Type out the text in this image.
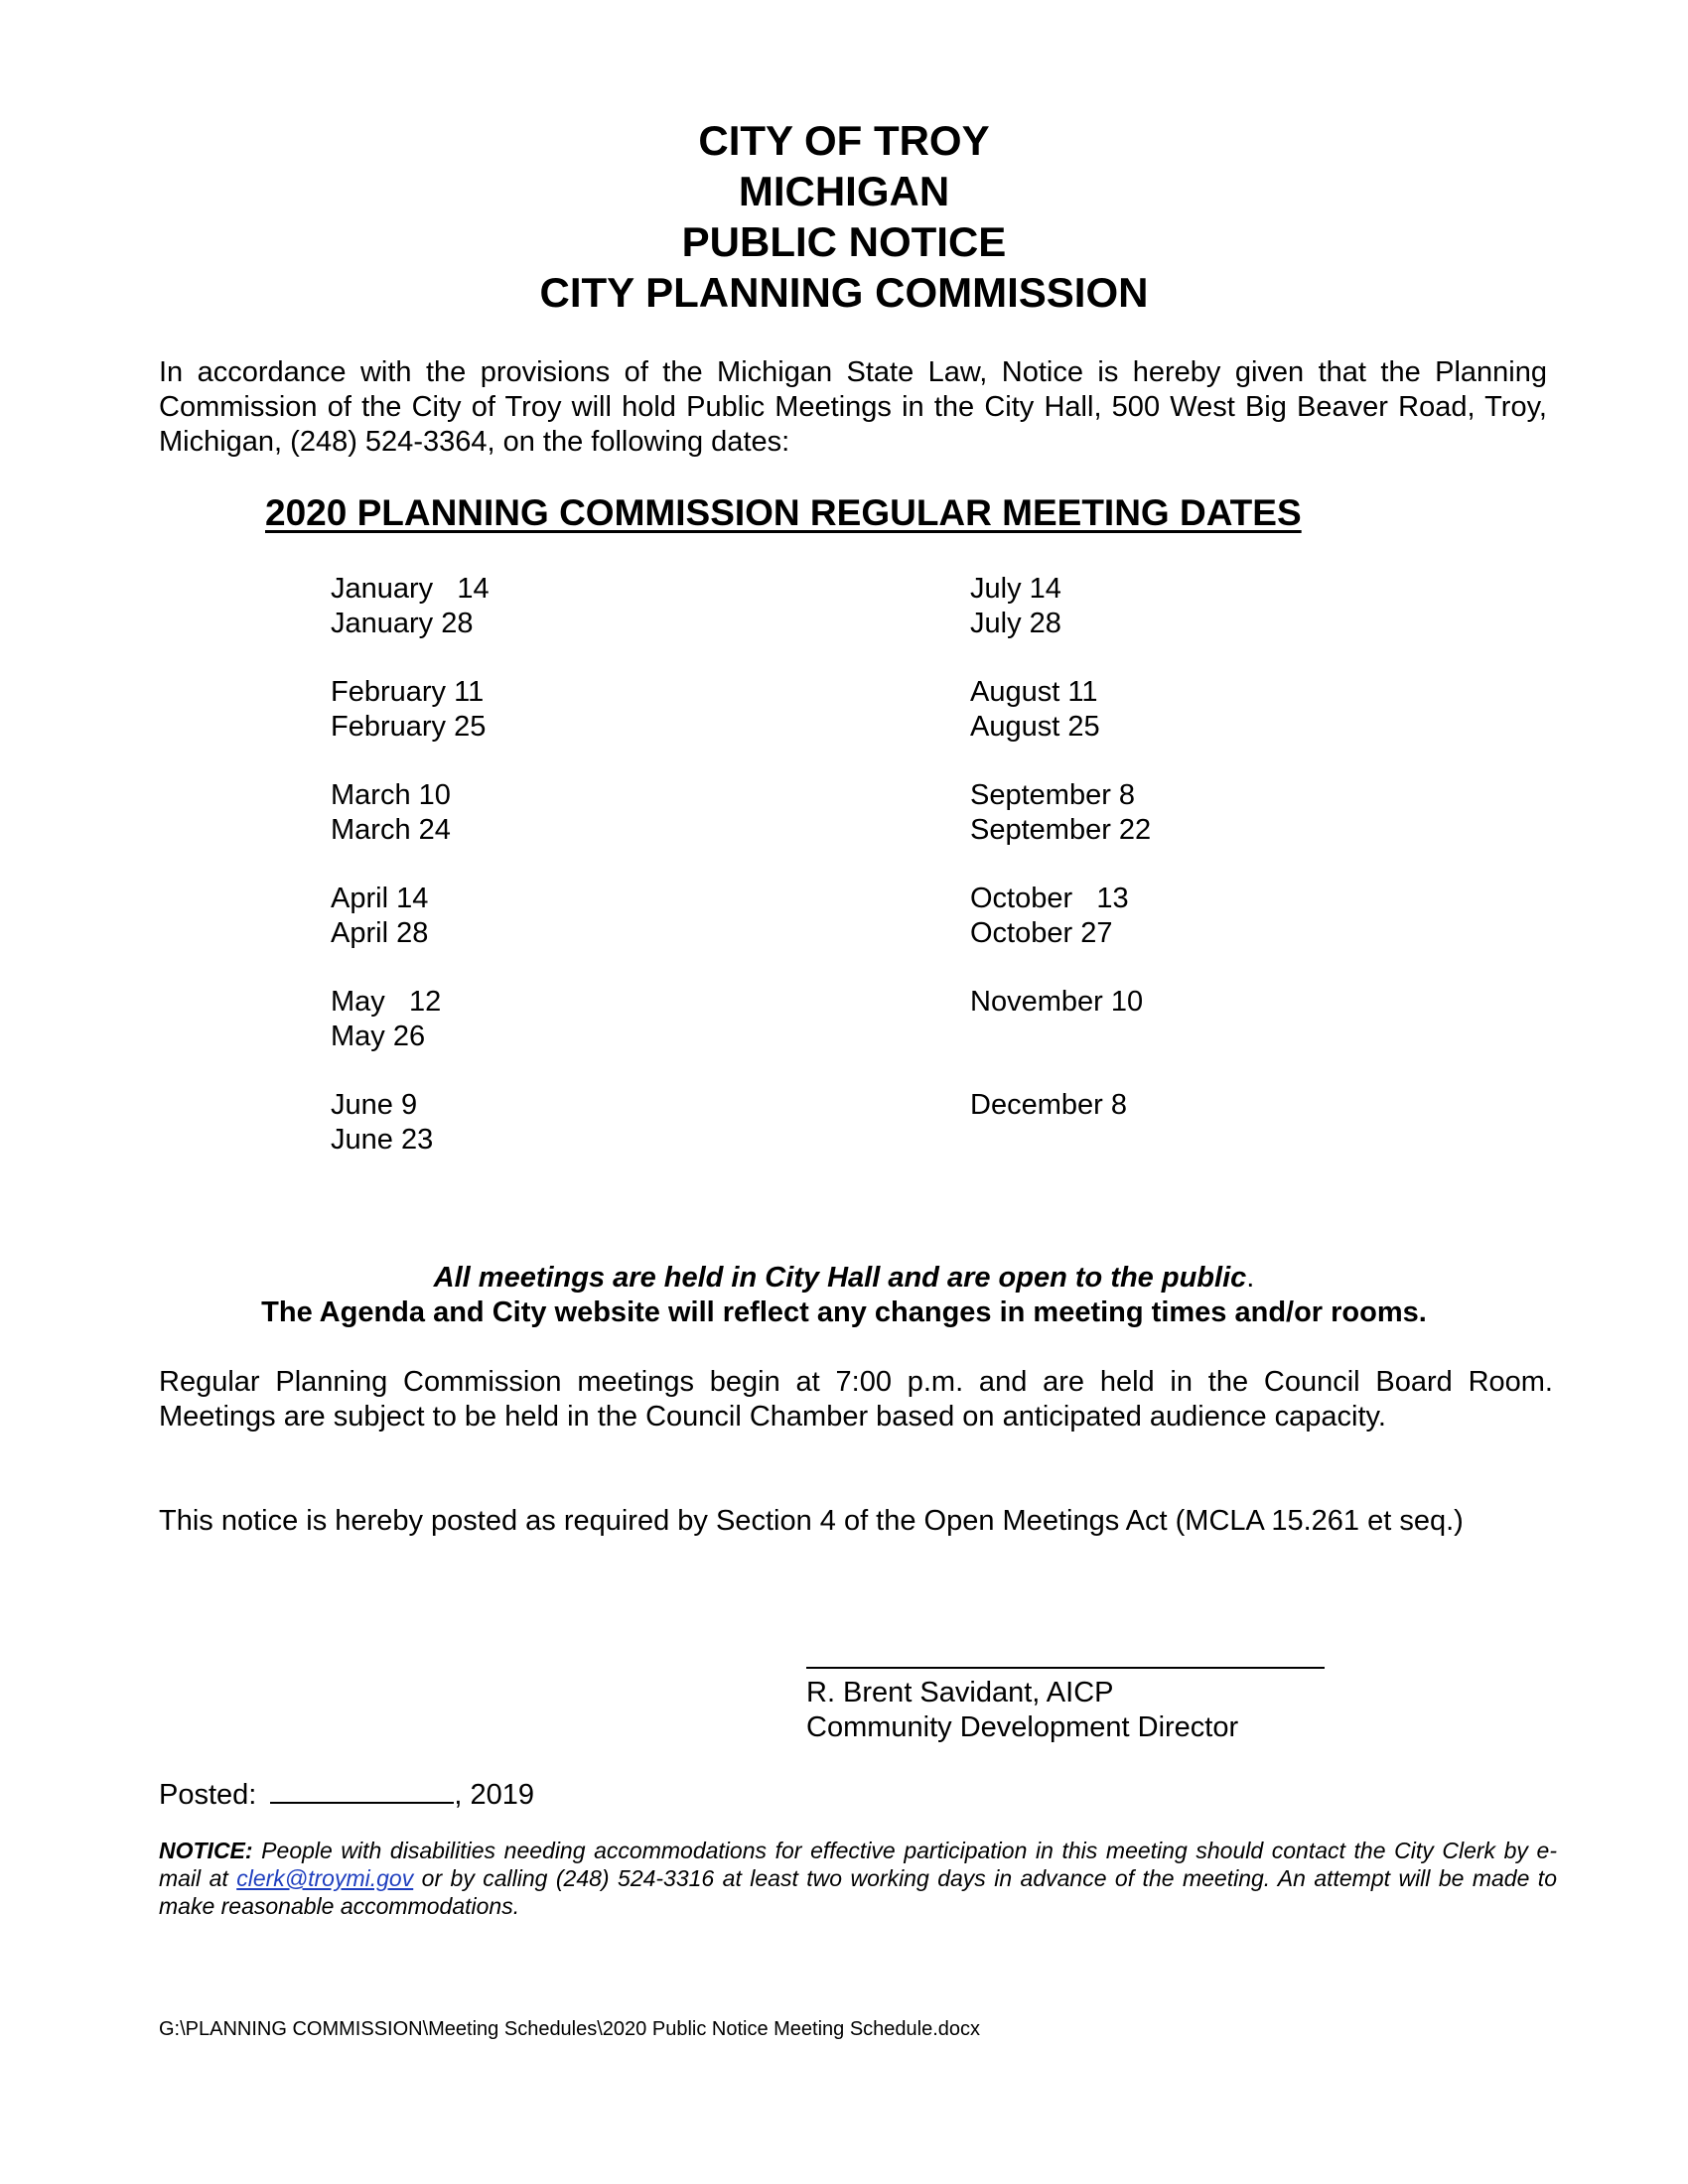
CITY OF TROY
MICHIGAN
PUBLIC NOTICE
CITY PLANNING COMMISSION
In accordance with the provisions of the Michigan State Law, Notice is hereby given that the Planning Commission of the City of Troy will hold Public Meetings in the City Hall, 500 West Big Beaver Road, Troy, Michigan, (248) 524-3364, on the following dates:
2020 PLANNING COMMISSION REGULAR MEETING DATES
January   14
January 28
February 11
February 25
March 10
March 24
April 14
April 28
May   12
May 26
June 9
June 23
July 14
July 28
August 11
August 25
September 8
September 22
October   13
October 27
November 10
December 8
All meetings are held in City Hall and are open to the public.
The Agenda and City website will reflect any changes in meeting times and/or rooms.
Regular Planning Commission meetings begin at 7:00 p.m. and are held in the Council Board Room. Meetings are subject to be held in the Council Chamber based on anticipated audience capacity.
This notice is hereby posted as required by Section 4 of the Open Meetings Act (MCLA 15.261 et seq.)
R. Brent Savidant, AICP
Community Development Director
Posted:	, 2019
NOTICE: People with disabilities needing accommodations for effective participation in this meeting should contact the City Clerk by e-mail at clerk@troymi.gov or by calling (248) 524-3316 at least two working days in advance of the meeting. An attempt will be made to make reasonable accommodations.
G:\PLANNING COMMISSION\Meeting Schedules\2020 Public Notice Meeting Schedule.docx
